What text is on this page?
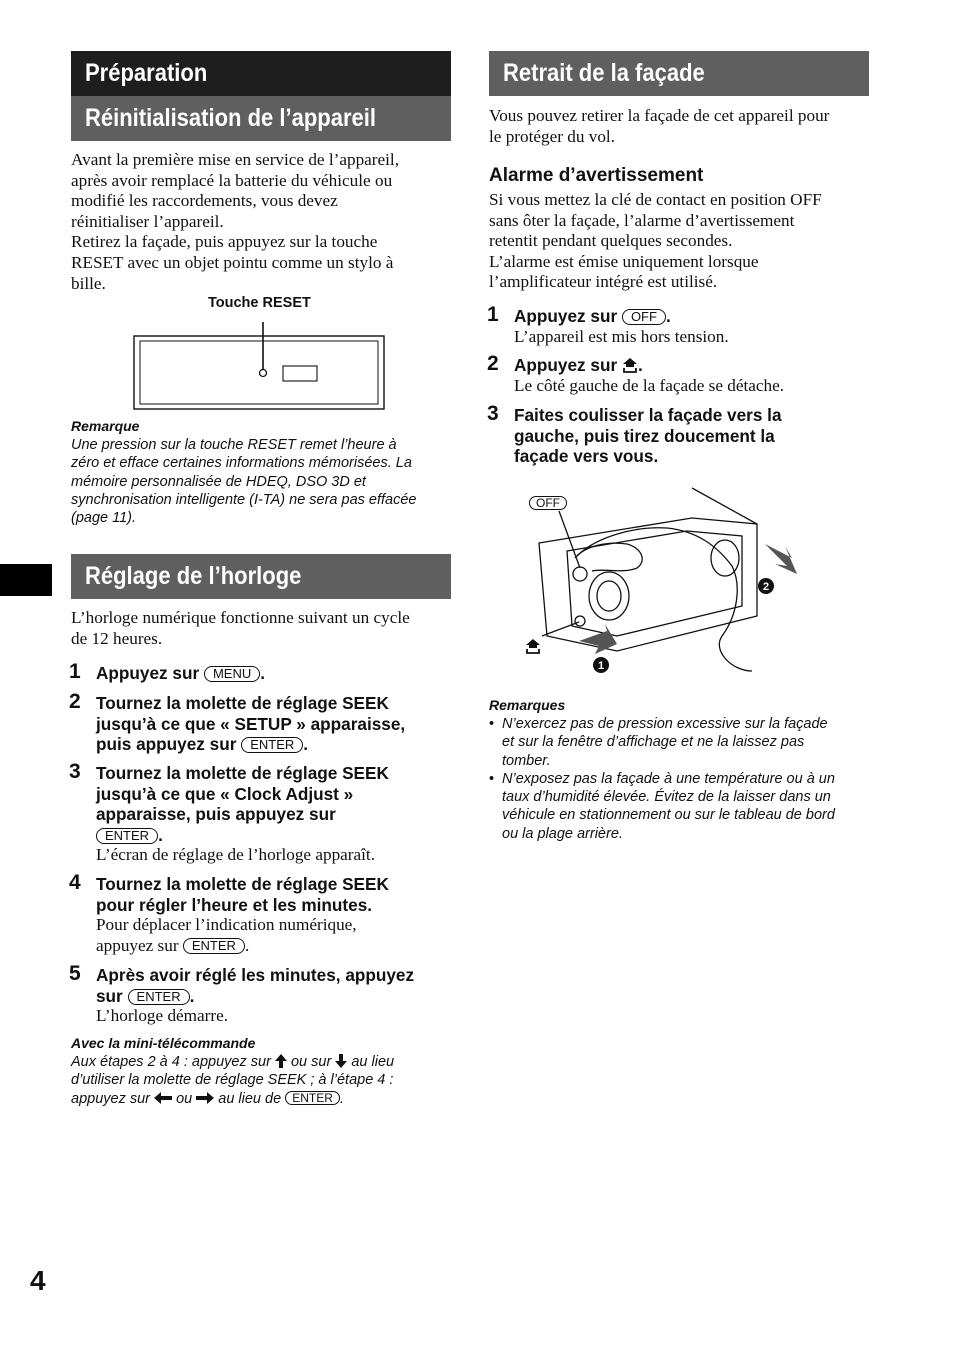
Préparation
Réinitialisation de l’appareil
Avant la première mise en service de l’appareil,
après avoir remplacé la batterie du véhicule ou
modifié les raccordements, vous devez
réinitialiser l’appareil.
Retirez la façade, puis appuyez sur la touche
RESET avec un objet pointu comme un stylo à
bille.
Touche RESET
Remarque
Une pression sur la touche RESET remet l’heure à
zéro et efface certaines informations mémorisées. La
mémoire personnalisée de HDEQ, DSO 3D et
synchronisation intelligente (I-TA) ne sera pas effacée
(page 11).
Réglage de l’horloge
L’horloge numérique fonctionne suivant un cycle
de 12 heures.
1 Appuyez sur MENU .
2 Tournez la molette de réglage SEEK
jusqu’à ce que « SETUP » apparaisse,
puis appuyez sur ENTER .
3 Tournez la molette de réglage SEEK
jusqu’à ce que « Clock Adjust »
apparaisse, puis appuyez sur
ENTER .
L’écran de réglage de l’horloge apparaît.
4 Tournez la molette de réglage SEEK
pour régler l’heure et les minutes.
Pour déplacer l’indication numérique,
appuyez sur ENTER .
5 Après avoir réglé les minutes, appuyez
sur ENTER .
L’horloge démarre.
Avec la mini-télécommande
Aux étapes 2 à 4 : appuyez sur ou sur au lieu
d’utiliser la molette de réglage SEEK ; à l’étape 4 :
appuyez sur ou au lieu de ENTER .
Retrait de la façade
Vous pouvez retirer la façade de cet appareil pour
le protéger du vol.
Alarme d’avertissement
Si vous mettez la clé de contact en position OFF
sans ôter la façade, l’alarme d’avertissement
retentit pendant quelques secondes.
L’alarme est émise uniquement lorsque
l’amplificateur intégré est utilisé.
1 Appuyez sur OFF .
L’appareil est mis hors tension.
2 Appuyez sur .
Le côté gauche de la façade se détache.
3 Faites coulisser la façade vers la
gauche, puis tirez doucement la
façade vers vous.
2
1
OFF
Remarques
• N’exercez pas de pression excessive sur la façade
et sur la fenêtre d’affichage et ne la laissez pas
tomber.
• N’exposez pas la façade à une température ou à un
taux d’humidité élevée. Évitez de la laisser dans un
véhicule en stationnement ou sur le tableau de bord
ou la plage arrière.
4
